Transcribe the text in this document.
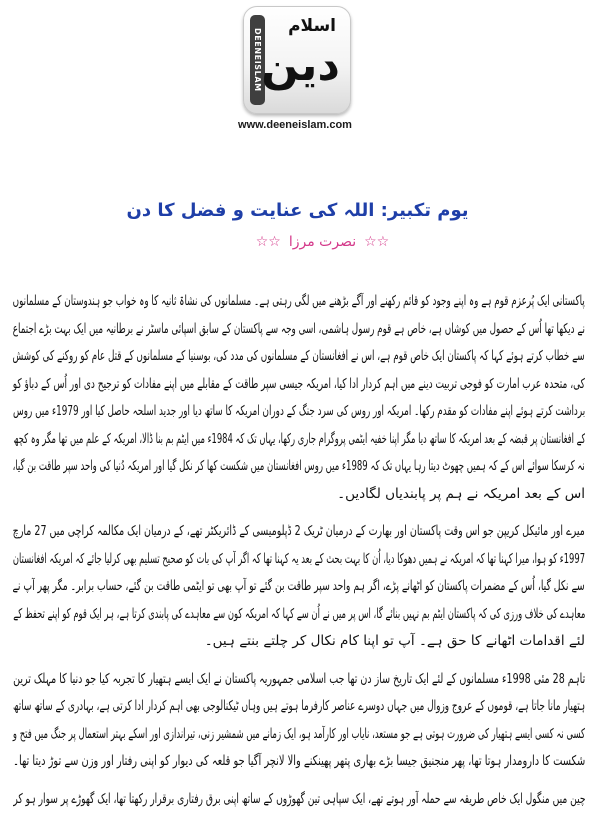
DEENEISLAM
اسلام
دین
www.deeneislam.com
یوم تکبیر: اللہ کی عنایت و فضل کا دن
☆☆نصرت مرزا☆☆
پاکستانی ایک پُرعزم قوم ہے وہ اپنے وجود کو قائم رکھنے اور آگے بڑھنے میں لگی رہتی ہے۔ مسلمانوں کی نشاۃ ثانیہ کا وہ خواب جو ہندوستان کے مسلمانوں
نے دیکھا تھا اُس کے حصول میں کوشاں ہے، خاص ہے قوم رسول ہاشمی، اسی وجہ سے پاکستان کے سابق اسپائی ماسٹر نے برطانیہ میں ایک بہت بڑے اجتماع
سے خطاب کرتے ہوئے کہا کہ پاکستان ایک خاص قوم ہے، اس نے افغانستان کے مسلمانوں کی مدد کی، بوسنیا کے مسلمانوں کے قتل عام کو روکنے کی کوشش
کی، متحدہ عرب امارت کو فوجی تربیت دینے میں اہم کردار ادا کیا، امریکہ جیسی سپر طاقت کے مقابلے میں اپنے مفادات کو ترجیح دی اور اُس کے دباؤ کو
برداشت کرتے ہوئے اپنے مفادات کو مقدم رکھا۔ امریکہ اور روس کی سرد جنگ کے دوران امریکہ کا ساتھ دیا اور جدید اسلحہ حاصل کیا اور 1979ء میں روس
کے افغانستان پر قبضہ کے بعد امریکہ کا ساتھ دیا مگر اپنا خفیہ ایٹمی پروگرام جاری رکھا، یہاں تک کہ 1984ء میں ایٹم بم بنا ڈالا، امریکہ کے علم میں تھا مگر وہ کچھ
نہ کرسکا سوائے اس کے کہ ہمیں چھوٹ دیتا رہا یہاں تک کہ 1989ء میں روس افغانستان میں شکست کھا کر نکل گیا اور امریکہ دُنیا کی واحد سپر طاقت بن گیا،
اس کے بعد امریکہ نے ہم پر پابندیاں لگادیں۔
میرے اور مائیکل کریپن جو اس وقت پاکستان اور بھارت کے درمیان ٹریک 2 ڈپلومیسی کے ڈائریکٹر تھے، کے درمیان ایک مکالمہ کراچی میں 27 مارچ
1997ء کو ہوا، میرا کہنا تھا کہ امریکہ نے ہمیں دھوکا دیا، اُن کا بہت بحث کے بعد یہ کہنا تھا کہ اگر آپ کی بات کو صحیح تسلیم بھی کرلیا جائے کہ امریکہ افغانستان
سے نکل گیا، اُس کے مضمرات پاکستان کو اٹھانے پڑے، اگر ہم واحد سپر طاقت بن گئے تو آپ بھی تو ایٹمی طاقت بن گئے، حساب برابر۔ مگر پھر آپ نے
معاہدے کی خلاف ورزی کی کہ پاکستان ایٹم بم نہیں بنائے گا، اس پر میں نے اُن سے کہا کہ امریکہ کون سے معاہدے کی پابندی کرتا ہے، ہر ایک قوم کو اپنے تحفظ کے
لئے اقدامات اٹھانے کا حق ہے۔ آپ تو اپنا کام نکال کر چلتے بنتے ہیں۔
تاہم 28 مئی 1998ء مسلمانوں کے لئے ایک تاریخ ساز دن تھا جب اسلامی جمہوریہ پاکستان نے ایک ایسے ہتھیار کا تجربہ کیا جو دنیا کا مہلک ترین
ہتھیار مانا جاتا ہے، قوموں کے عروج وزوال میں جہاں دوسرے عناصر کارفرما ہوتے ہیں وہاں ٹیکنالوجی بھی اہم کردار ادا کرتی ہے، بہادری کے ساتھ ساتھ
کسی نہ کسی ایسے ہتھیار کی ضرورت ہوتی ہے جو مستعد، نایاب اور کارآمد ہو، ایک زمانے میں شمشیر زنی، تیراندازی اور اسکے بہتر استعمال پر جنگ میں فتح و
شکست کا دارومدار ہوتا تھا، پھر منجنیق جیسا بڑے بھاری پتھر پھینکنے والا لانچر آگیا جو قلعہ کی دیوار کو اپنی رفتار اور وزن سے توڑ دیتا تھا۔
چین میں منگول ایک خاص طریقہ سے حملہ آور ہوتے تھے، ایک سپاہی تین گھوڑوں کے ساتھ اپنی برق رفتاری برقرار رکھتا تھا، ایک گھوڑے پر سوار ہو کر
